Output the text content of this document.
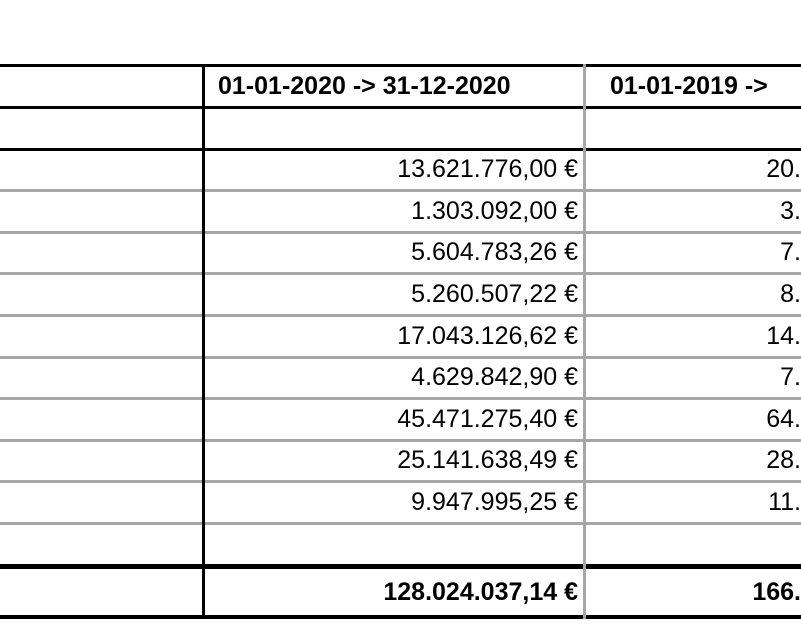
01-01-2020 -> 31-12-2020	01-01-2019 ->
13.621.776,00 €	20.
1.303.092,00 €	3.
5.604.783,26 €	7.
5.260.507,22 €	8.
17.043.126,62 €	14.
4.629.842,90 €	7.
45.471.275,40 €	64.
25.141.638,49 €	28.
9.947.995,25 €	11.
128.024.037,14 €	166.
